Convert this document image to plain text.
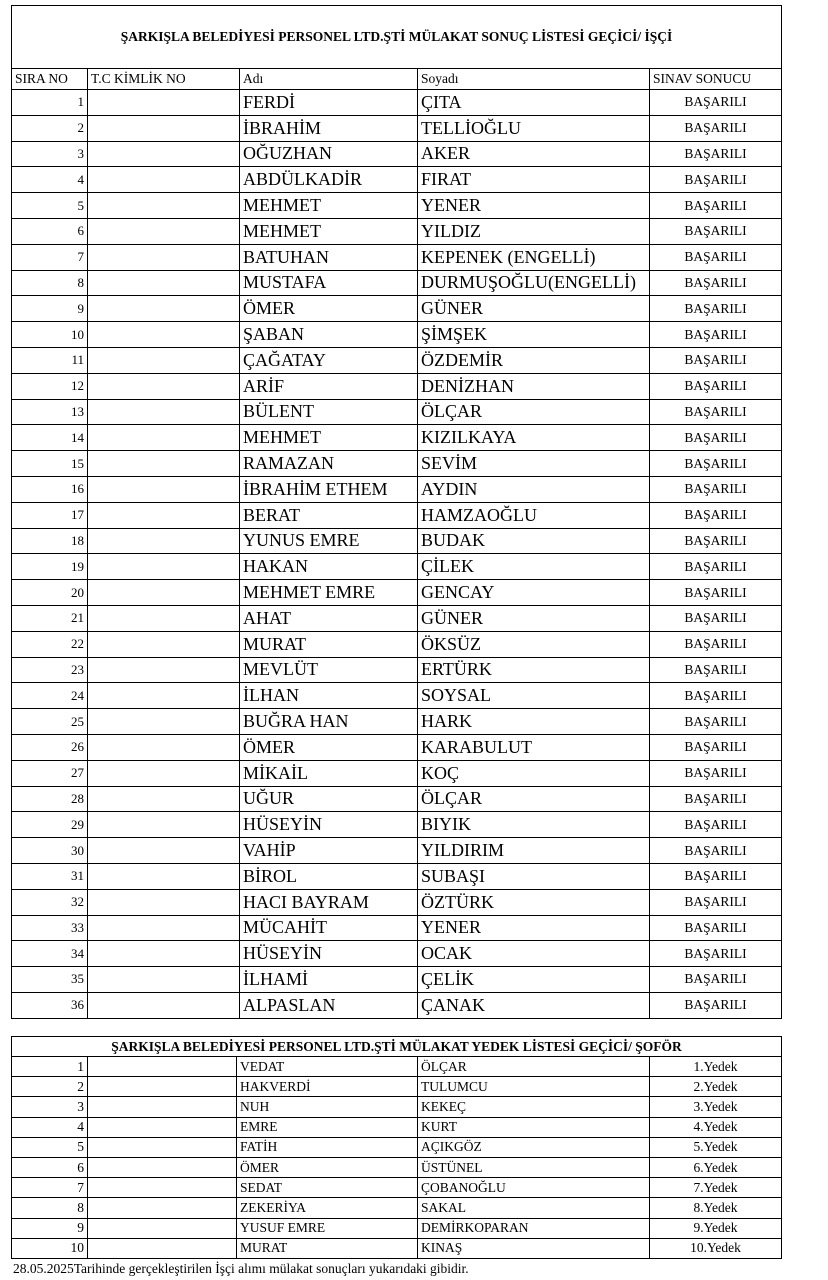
ŞARKIŞLA BELEDİYESİ PERSONEL LTD.ŞTİ MÜLAKAT SONUÇ LİSTESİ GEÇİCİ/ İŞÇİ				
SIRA NO	T.C KİMLİK NO	Adı	Soyadı	SINAV SONUCU
1		FERDİ	ÇITA	BAŞARILI
2		İBRAHİM	TELLİOĞLU	BAŞARILI
3		OĞUZHAN	AKER	BAŞARILI
4		ABDÜLKADİR	FIRAT	BAŞARILI
5		MEHMET	YENER	BAŞARILI
6		MEHMET	YILDIZ	BAŞARILI
7		BATUHAN	KEPENEK (ENGELLİ)	BAŞARILI
8		MUSTAFA	DURMUŞOĞLU(ENGELLİ)	BAŞARILI
9		ÖMER	GÜNER	BAŞARILI
10		ŞABAN	ŞİMŞEK	BAŞARILI
11		ÇAĞATAY	ÖZDEMİR	BAŞARILI
12		ARİF	DENİZHAN	BAŞARILI
13		BÜLENT	ÖLÇAR	BAŞARILI
14		MEHMET	KIZILKAYA	BAŞARILI
15		RAMAZAN	SEVİM	BAŞARILI
16		İBRAHİM ETHEM	AYDIN	BAŞARILI
17		BERAT	HAMZAOĞLU	BAŞARILI
18		YUNUS EMRE	BUDAK	BAŞARILI
19		HAKAN	ÇİLEK	BAŞARILI
20		MEHMET EMRE	GENCAY	BAŞARILI
21		AHAT	GÜNER	BAŞARILI
22		MURAT	ÖKSÜZ	BAŞARILI
23		MEVLÜT	ERTÜRK	BAŞARILI
24		İLHAN	SOYSAL	BAŞARILI
25		BUĞRA HAN	HARK	BAŞARILI
26		ÖMER	KARABULUT	BAŞARILI
27		MİKAİL	KOÇ	BAŞARILI
28		UĞUR	ÖLÇAR	BAŞARILI
29		HÜSEYİN	BIYIK	BAŞARILI
30		VAHİP	YILDIRIM	BAŞARILI
31		BİROL	SUBAŞI	BAŞARILI
32		HACI BAYRAM	ÖZTÜRK	BAŞARILI
33		MÜCAHİT	YENER	BAŞARILI
34		HÜSEYİN	OCAK	BAŞARILI
35		İLHAMİ	ÇELİK	BAŞARILI
36		ALPASLAN	ÇANAK	BAŞARILI
ŞARKIŞLA BELEDİYESİ PERSONEL LTD.ŞTİ MÜLAKAT YEDEK LİSTESİ GEÇİCİ/ ŞOFÖR				
1		VEDAT	ÖLÇAR	1.Yedek
2		HAKVERDİ	TULUMCU	2.Yedek
3		NUH	KEKEÇ	3.Yedek
4		EMRE	KURT	4.Yedek
5		FATİH	AÇIKGÖZ	5.Yedek
6		ÖMER	ÜSTÜNEL	6.Yedek
7		SEDAT	ÇOBANOĞLU	7.Yedek
8		ZEKERİYA	SAKAL	8.Yedek
9		YUSUF EMRE	DEMİRKOPARAN	9.Yedek
10		MURAT	KINAŞ	10.Yedek
28.05.2025Tarihinde gerçekleştirilen İşçi alımı mülakat sonuçları yukarıdaki gibidir.
